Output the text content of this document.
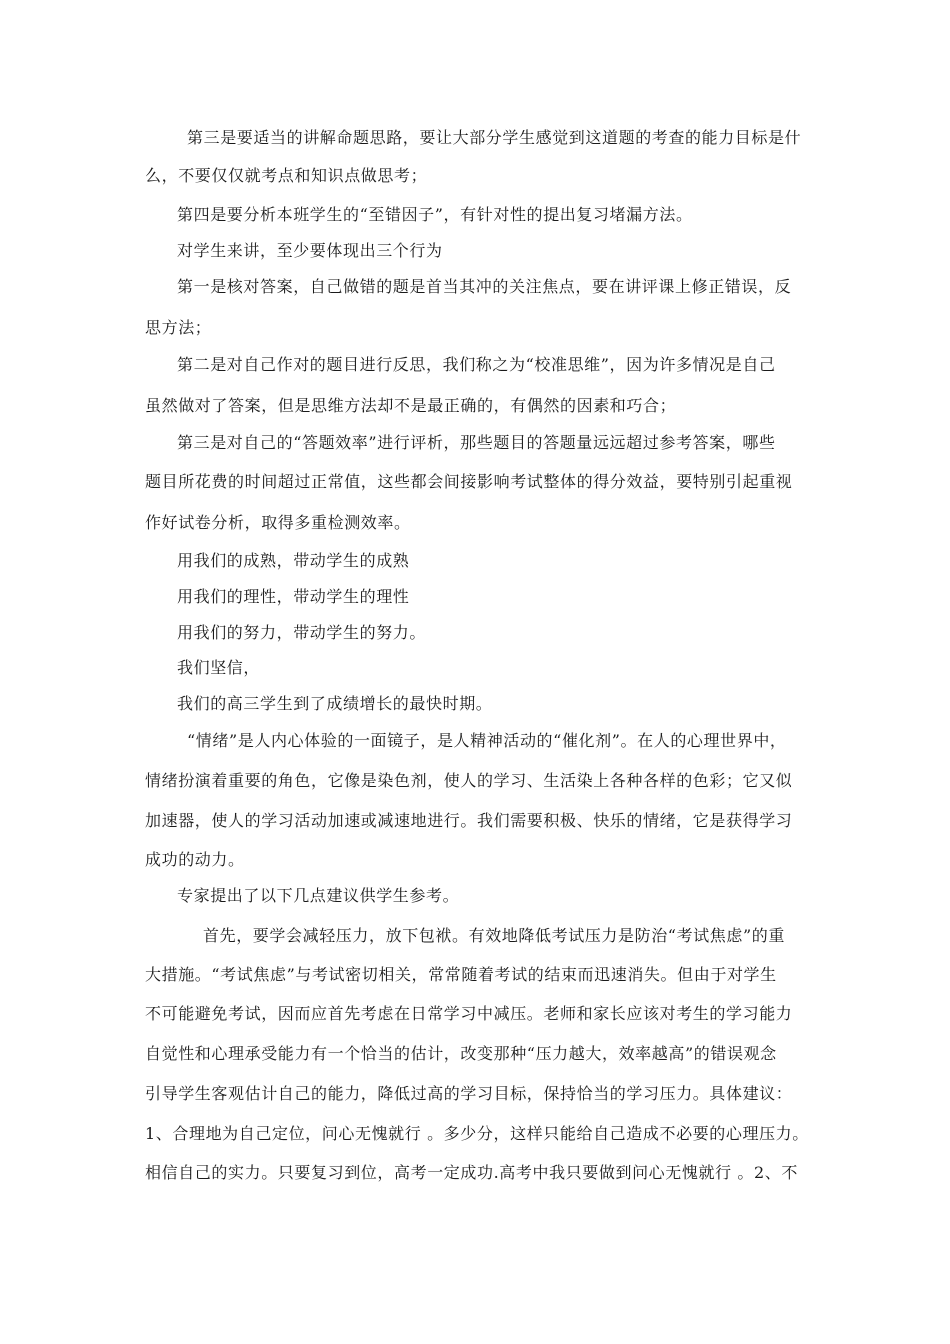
第三是要适当的讲解命题思路，要让大部分学生感觉到这道题的考查的能力目标是什
么，不要仅仅就考点和知识点做思考；
第四是要分析本班学生的“至错因子”，有针对性的提出复习堵漏方法。
对学生来讲，至少要体现出三个行为
第一是核对答案，自己做错的题是首当其冲的关注焦点，要在讲评课上修正错误，反
思方法；
第二是对自己作对的题目进行反思，我们称之为“校准思维”，因为许多情况是自己
虽然做对了答案，但是思维方法却不是最正确的，有偶然的因素和巧合；
第三是对自己的“答题效率”进行评析，那些题目的答题量远远超过参考答案，哪些
题目所花费的时间超过正常值，这些都会间接影响考试整体的得分效益，要特别引起重视
作好试卷分析，取得多重检测效率。
用我们的成熟，带动学生的成熟
用我们的理性，带动学生的理性
用我们的努力，带动学生的努力。
我们坚信，
我们的高三学生到了成绩增长的最快时期。
“情绪”是人内心体验的一面镜子，是人精神活动的“催化剂”。在人的心理世界中，
情绪扮演着重要的角色，它像是染色剂，使人的学习、生活染上各种各样的色彩；它又似
加速器，使人的学习活动加速或减速地进行。我们需要积极、快乐的情绪，它是获得学习
成功的动力。
专家提出了以下几点建议供学生参考。
首先，要学会减轻压力，放下包袱。有效地降低考试压力是防治“考试焦虑”的重
大措施。“考试焦虑”与考试密切相关，常常随着考试的结束而迅速消失。但由于对学生
不可能避免考试，因而应首先考虑在日常学习中减压。老师和家长应该对考生的学习能力
自觉性和心理承受能力有一个恰当的估计，改变那种“压力越大，效率越高”的错误观念
引导学生客观估计自己的能力，降低过高的学习目标，保持恰当的学习压力。具体建议：
1、合理地为自己定位，问心无愧就行 。多少分，这样只能给自己造成不必要的心理压力。
相信自己的实力。只要复习到位，高考一定成功.高考中我只要做到问心无愧就行 。2、不
